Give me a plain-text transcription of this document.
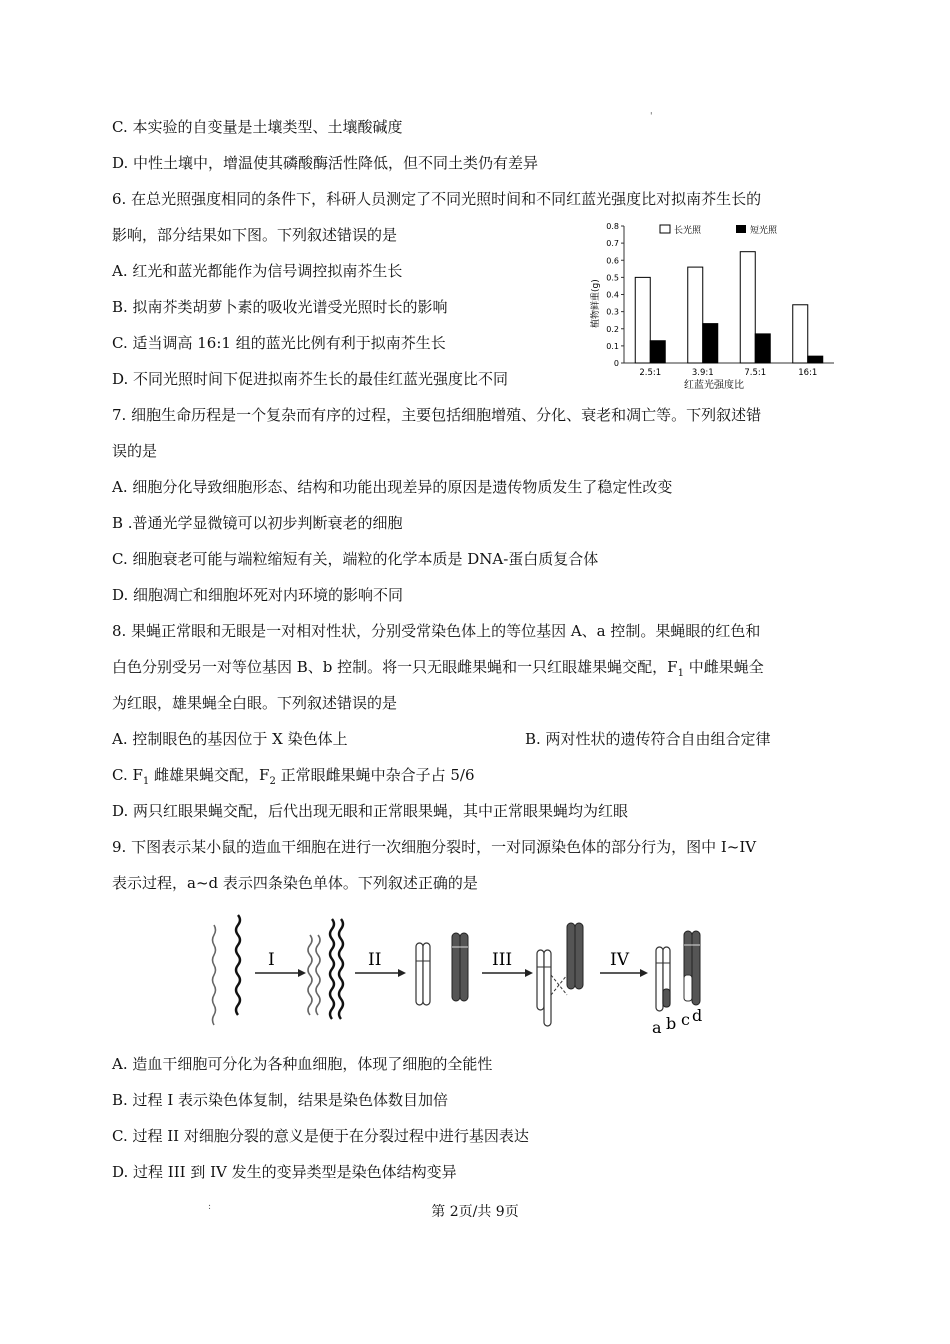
C. 本实验的自变量是土壤类型、土壤酸碱度
'
D. 中性土壤中，增温使其磷酸酶活性降低，但不同土类仍有差异
6. 在总光照强度相同的条件下，科研人员测定了不同光照时间和不同红蓝光强度比对拟南芥生长的
影响，部分结果如下图。下列叙述错误的是
A. 红光和蓝光都能作为信号调控拟南芥生长
B. 拟南芥类胡萝卜素的吸收光谱受光照时长的影响
C. 适当调高 16:1 组的蓝光比例有利于拟南芥生长
D. 不同光照时间下促进拟南芥生长的最佳红蓝光强度比不同
7. 细胞生命历程是一个复杂而有序的过程，主要包括细胞增殖、分化、衰老和凋亡等。下列叙述错
误的是
A. 细胞分化导致细胞形态、结构和功能出现差异的原因是遗传物质发生了稳定性改变
B .普通光学显微镜可以初步判断衰老的细胞
C. 细胞衰老可能与端粒缩短有关，端粒的化学本质是 DNA-蛋白质复合体
D. 细胞凋亡和细胞坏死对内环境的影响不同
8. 果蝇正常眼和无眼是一对相对性状，分别受常染色体上的等位基因 A、a 控制。果蝇眼的红色和
白色分别受另一对等位基因 B、b 控制。将一只无眼雌果蝇和一只红眼雄果蝇交配，$F_1$ 中雌果蝇全
为红眼，雄果蝇全白眼。下列叙述错误的是
A. 控制眼色的基因位于 X 染色体上	B. 两对性状的遗传符合自由组合定律
C. $F_1$ 雌雄果蝇交配，$F_2$ 正常眼雌果蝇中杂合子占 5/6
D. 两只红眼果蝇交配，后代出现无眼和正常眼果蝇，其中正常眼果蝇均为红眼
9. 下图表示某小鼠的造血干细胞在进行一次细胞分裂时，一对同源染色体的部分行为，图中 I~IV
表示过程，a~d 表示四条染色单体。下列叙述正确的是
A. 造血干细胞可分化为各种血细胞，体现了细胞的全能性
B. 过程 I 表示染色体复制，结果是染色体数目加倍
C. 过程 II 对细胞分裂的意义是便于在分裂过程中进行基因表达
D. 过程 III 到 IV 发生的变异类型是染色体结构变异
:	第 2页/共 9页
0
0.1
0.2
0.3
0.4
0.5
0.6
0.7
0.8
2.5:1	3.9:1	7.5:1	16:1
长光照	短光照
红蓝光强度比
植物鲜重(g)
I	II	III	IV
a b c d
